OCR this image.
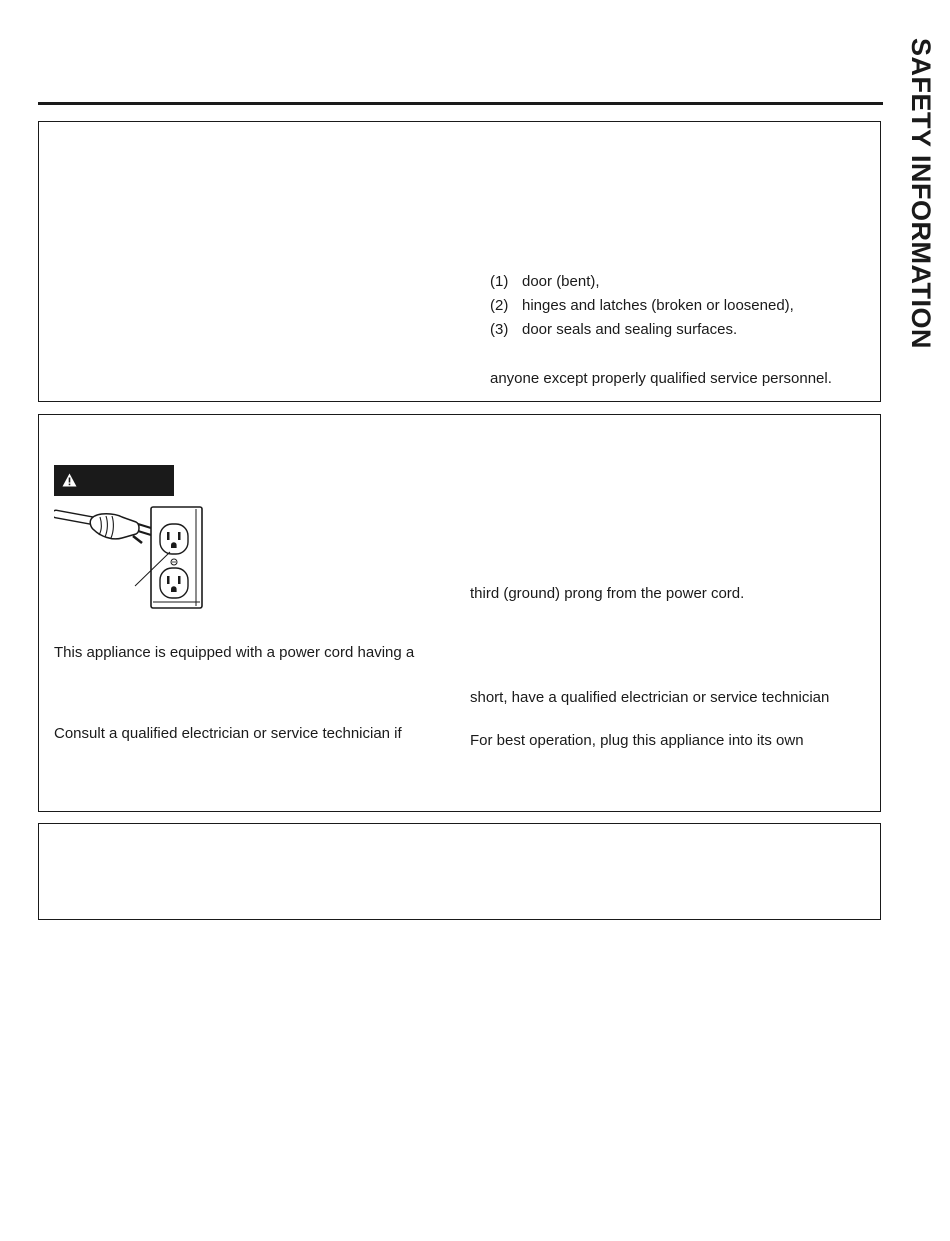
SAFETY INFORMATION
(1) door (bent),
(2) hinges and latches (broken or loosened),
(3) door seals and sealing surfaces.
anyone except properly qualified service personnel.
This appliance is equipped with a power cord having a
Consult a qualified electrician or service technician if
third (ground) prong from the power cord.
short, have a qualified electrician or service technician
For best operation, plug this appliance into its own
